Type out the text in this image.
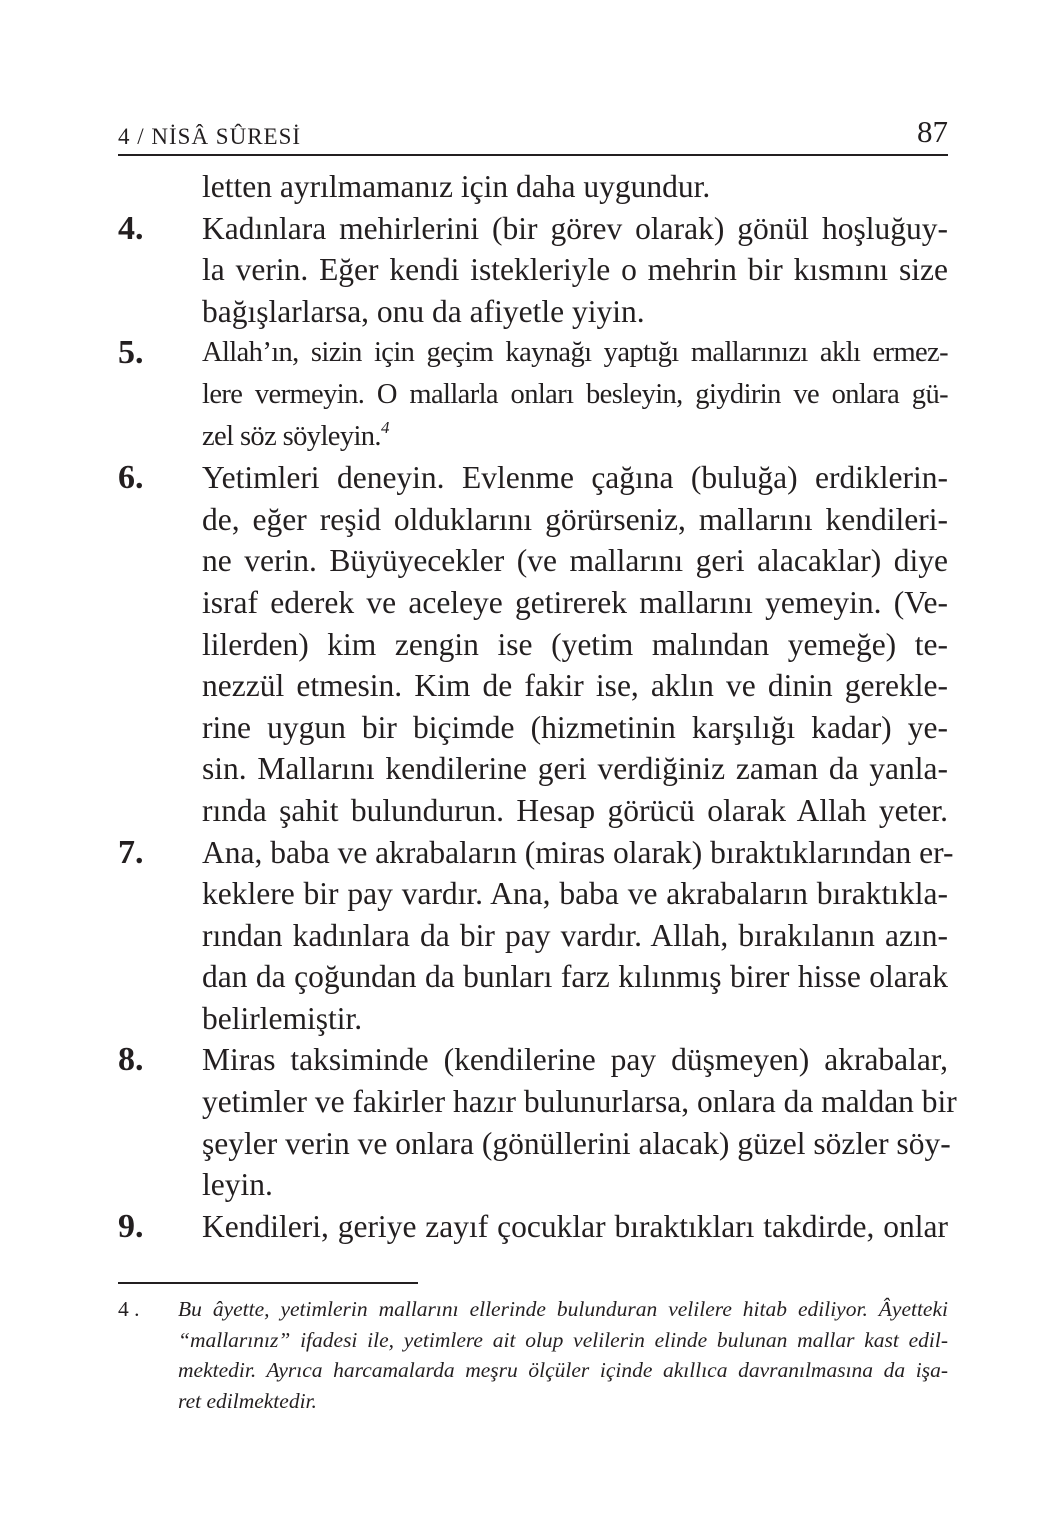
4 / NİSÂ SÛRESİ	87
letten ayrılmamanız için daha uygundur.
4. Kadınlara mehirlerini (bir görev olarak) gönül hoşluğuy-
la verin. Eğer kendi istekleriyle o mehrin bir kısmını size
bağışlarlarsa, onu da afiyetle yiyin.
5. Allah’ın, sizin için geçim kaynağı yaptığı mallarınızı aklı ermez-
lere vermeyin. O mallarla onları besleyin, giydirin ve onlara gü-
zel söz söyleyin.$^4$
6. Yetimleri deneyin. Evlenme çağına (buluğa) erdiklerin-
de, eğer reşid olduklarını görürseniz, mallarını kendileri-
ne verin. Büyüyecekler (ve mallarını geri alacaklar) diye
israf ederek ve aceleye getirerek mallarını yemeyin. (Ve-
lilerden) kim zengin ise (yetim malından yemeğe) te-
nezzül etmesin. Kim de fakir ise, aklın ve dinin gerekle-
rine uygun bir biçimde (hizmetinin karşılığı kadar) ye-
sin. Mallarını kendilerine geri verdiğiniz zaman da yanla-
rında şahit bulundurun. Hesap görücü olarak Allah yeter.
7. Ana, baba ve akrabaların (miras olarak) bıraktıklarından er-
keklere bir pay vardır. Ana, baba ve akrabaların bıraktıkla-
rından kadınlara da bir pay vardır. Allah, bırakılanın azın-
dan da çoğundan da bunları farz kılınmış birer hisse olarak
belirlemiştir.
8. Miras taksiminde (kendilerine pay düşmeyen) akrabalar,
yetimler ve fakirler hazır bulunurlarsa, onlara da maldan bir
şeyler verin ve onlara (gönüllerini alacak) güzel sözler söy-
leyin.
9. Kendileri, geriye zayıf çocuklar bıraktıkları takdirde, onlar
4 . Bu âyette, yetimlerin mallarını ellerinde bulunduran velilere hitab ediliyor. Âyetteki
“mallarınız” ifadesi ile, yetimlere ait olup velilerin elinde bulunan mallar kast edil-
mektedir. Ayrıca harcamalarda meşru ölçüler içinde akıllıca davranılmasına da işa-
ret edilmektedir.
